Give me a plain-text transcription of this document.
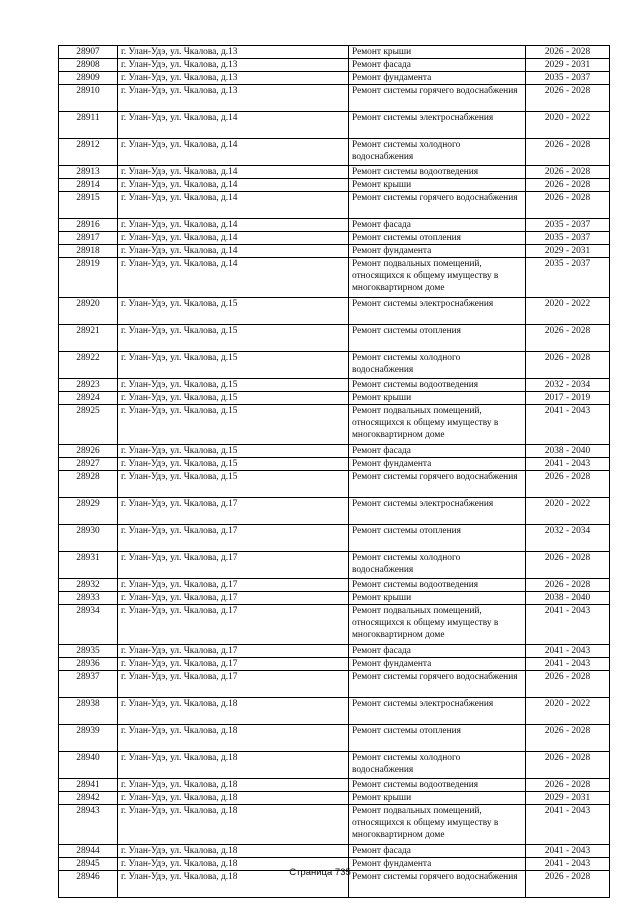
28907	г. Улан-Удэ, ул. Чкалова, д.13	Ремонт крыши	2026 - 2028
28908	г. Улан-Удэ, ул. Чкалова, д.13	Ремонт фасада	2029 - 2031
28909	г. Улан-Удэ, ул. Чкалова, д.13	Ремонт фундамента	2035 - 2037
28910	г. Улан-Удэ, ул. Чкалова, д.13	Ремонт системы горячего водоснабжения	2026 - 2028
28911	г. Улан-Удэ, ул. Чкалова, д.14	Ремонт системы электроснабжения	2020 - 2022
28912	г. Улан-Удэ, ул. Чкалова, д.14	Ремонт системы холодного водоснабжения	2026 - 2028
28913	г. Улан-Удэ, ул. Чкалова, д.14	Ремонт системы водоотведения	2026 - 2028
28914	г. Улан-Удэ, ул. Чкалова, д.14	Ремонт крыши	2026 - 2028
28915	г. Улан-Удэ, ул. Чкалова, д.14	Ремонт системы горячего водоснабжения	2026 - 2028
28916	г. Улан-Удэ, ул. Чкалова, д.14	Ремонт фасада	2035 - 2037
28917	г. Улан-Удэ, ул. Чкалова, д.14	Ремонт системы отопления	2035 - 2037
28918	г. Улан-Удэ, ул. Чкалова, д.14	Ремонт фундамента	2029 - 2031
28919	г. Улан-Удэ, ул. Чкалова, д.14	Ремонт подвальных помещений, относящихся к общему имуществу в многоквартирном доме	2035 - 2037
28920	г. Улан-Удэ, ул. Чкалова, д.15	Ремонт системы электроснабжения	2020 - 2022
28921	г. Улан-Удэ, ул. Чкалова, д.15	Ремонт системы отопления	2026 - 2028
28922	г. Улан-Удэ, ул. Чкалова, д.15	Ремонт системы холодного водоснабжения	2026 - 2028
28923	г. Улан-Удэ, ул. Чкалова, д.15	Ремонт системы водоотведения	2032 - 2034
28924	г. Улан-Удэ, ул. Чкалова, д.15	Ремонт крыши	2017 - 2019
28925	г. Улан-Удэ, ул. Чкалова, д.15	Ремонт подвальных помещений, относящихся к общему имуществу в многоквартирном доме	2041 - 2043
28926	г. Улан-Удэ, ул. Чкалова, д.15	Ремонт фасада	2038 - 2040
28927	г. Улан-Удэ, ул. Чкалова, д.15	Ремонт фундамента	2041 - 2043
28928	г. Улан-Удэ, ул. Чкалова, д.15	Ремонт системы горячего водоснабжения	2026 - 2028
28929	г. Улан-Удэ, ул. Чкалова, д.17	Ремонт системы электроснабжения	2020 - 2022
28930	г. Улан-Удэ, ул. Чкалова, д.17	Ремонт системы отопления	2032 - 2034
28931	г. Улан-Удэ, ул. Чкалова, д.17	Ремонт системы холодного водоснабжения	2026 - 2028
28932	г. Улан-Удэ, ул. Чкалова, д.17	Ремонт системы водоотведения	2026 - 2028
28933	г. Улан-Удэ, ул. Чкалова, д.17	Ремонт крыши	2038 - 2040
28934	г. Улан-Удэ, ул. Чкалова, д.17	Ремонт подвальных помещений, относящихся к общему имуществу в многоквартирном доме	2041 - 2043
28935	г. Улан-Удэ, ул. Чкалова, д.17	Ремонт фасада	2041 - 2043
28936	г. Улан-Удэ, ул. Чкалова, д.17	Ремонт фундамента	2041 - 2043
28937	г. Улан-Удэ, ул. Чкалова, д.17	Ремонт системы горячего водоснабжения	2026 - 2028
28938	г. Улан-Удэ, ул. Чкалова, д.18	Ремонт системы электроснабжения	2020 - 2022
28939	г. Улан-Удэ, ул. Чкалова, д.18	Ремонт системы отопления	2026 - 2028
28940	г. Улан-Удэ, ул. Чкалова, д.18	Ремонт системы холодного водоснабжения	2026 - 2028
28941	г. Улан-Удэ, ул. Чкалова, д.18	Ремонт системы водоотведения	2026 - 2028
28942	г. Улан-Удэ, ул. Чкалова, д.18	Ремонт крыши	2029 - 2031
28943	г. Улан-Удэ, ул. Чкалова, д.18	Ремонт подвальных помещений, относящихся к общему имуществу в многоквартирном доме	2041 - 2043
28944	г. Улан-Удэ, ул. Чкалова, д.18	Ремонт фасада	2041 - 2043
28945	г. Улан-Удэ, ул. Чкалова, д.18	Ремонт фундамента	2041 - 2043
28946	г. Улан-Удэ, ул. Чкалова, д.18	Ремонт системы горячего водоснабжения	2026 - 2028
Страница 735
